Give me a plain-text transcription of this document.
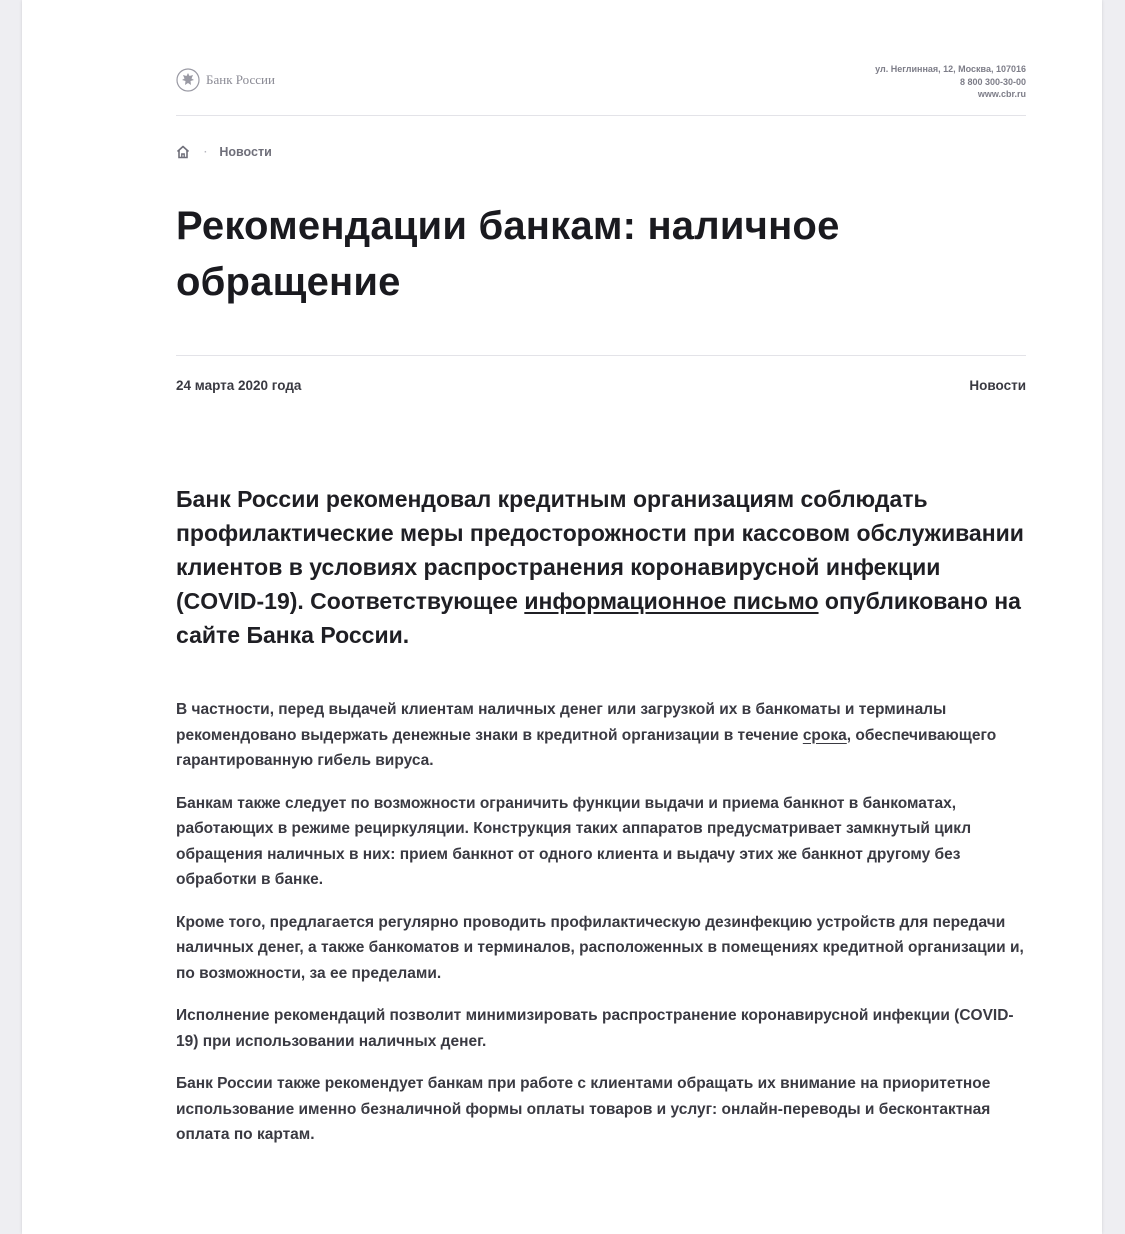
Банк России
ул. Неглинная, 12, Москва, 107016
8 800 300-30-00
www.cbr.ru
· Новости
Рекомендации банкам: наличное
обращение
24 марта 2020 года	Новости
Банк России рекомендовал кредитным организациям соблюдать профилактические меры предосторожности при кассовом обслуживании клиентов в условиях распространения коронавирусной инфекции (COVID-19). Соответствующее информационное письмо опубликовано на сайте Банка России.

В частности, перед выдачей клиентам наличных денег или загрузкой их в банкоматы и терминалы рекомендовано выдержать денежные знаки в кредитной организации в течение срока, обеспечивающего гарантированную гибель вируса.

Банкам также следует по возможности ограничить функции выдачи и приема банкнот в банкоматах, работающих в режиме рециркуляции. Конструкция таких аппаратов предусматривает замкнутый цикл обращения наличных в них: прием банкнот от одного клиента и выдачу этих же банкнот другому без обработки в банке.

Кроме того, предлагается регулярно проводить профилактическую дезинфекцию устройств для передачи наличных денег, а также банкоматов и терминалов, расположенных в помещениях кредитной организации и, по возможности, за ее пределами.

Исполнение рекомендаций позволит минимизировать распространение коронавирусной инфекции (COVID-19) при использовании наличных денег.

Банк России также рекомендует банкам при работе с клиентами обращать их внимание на приоритетное использование именно безналичной формы оплаты товаров и услуг: онлайн-переводы и бесконтактная оплата по картам.
